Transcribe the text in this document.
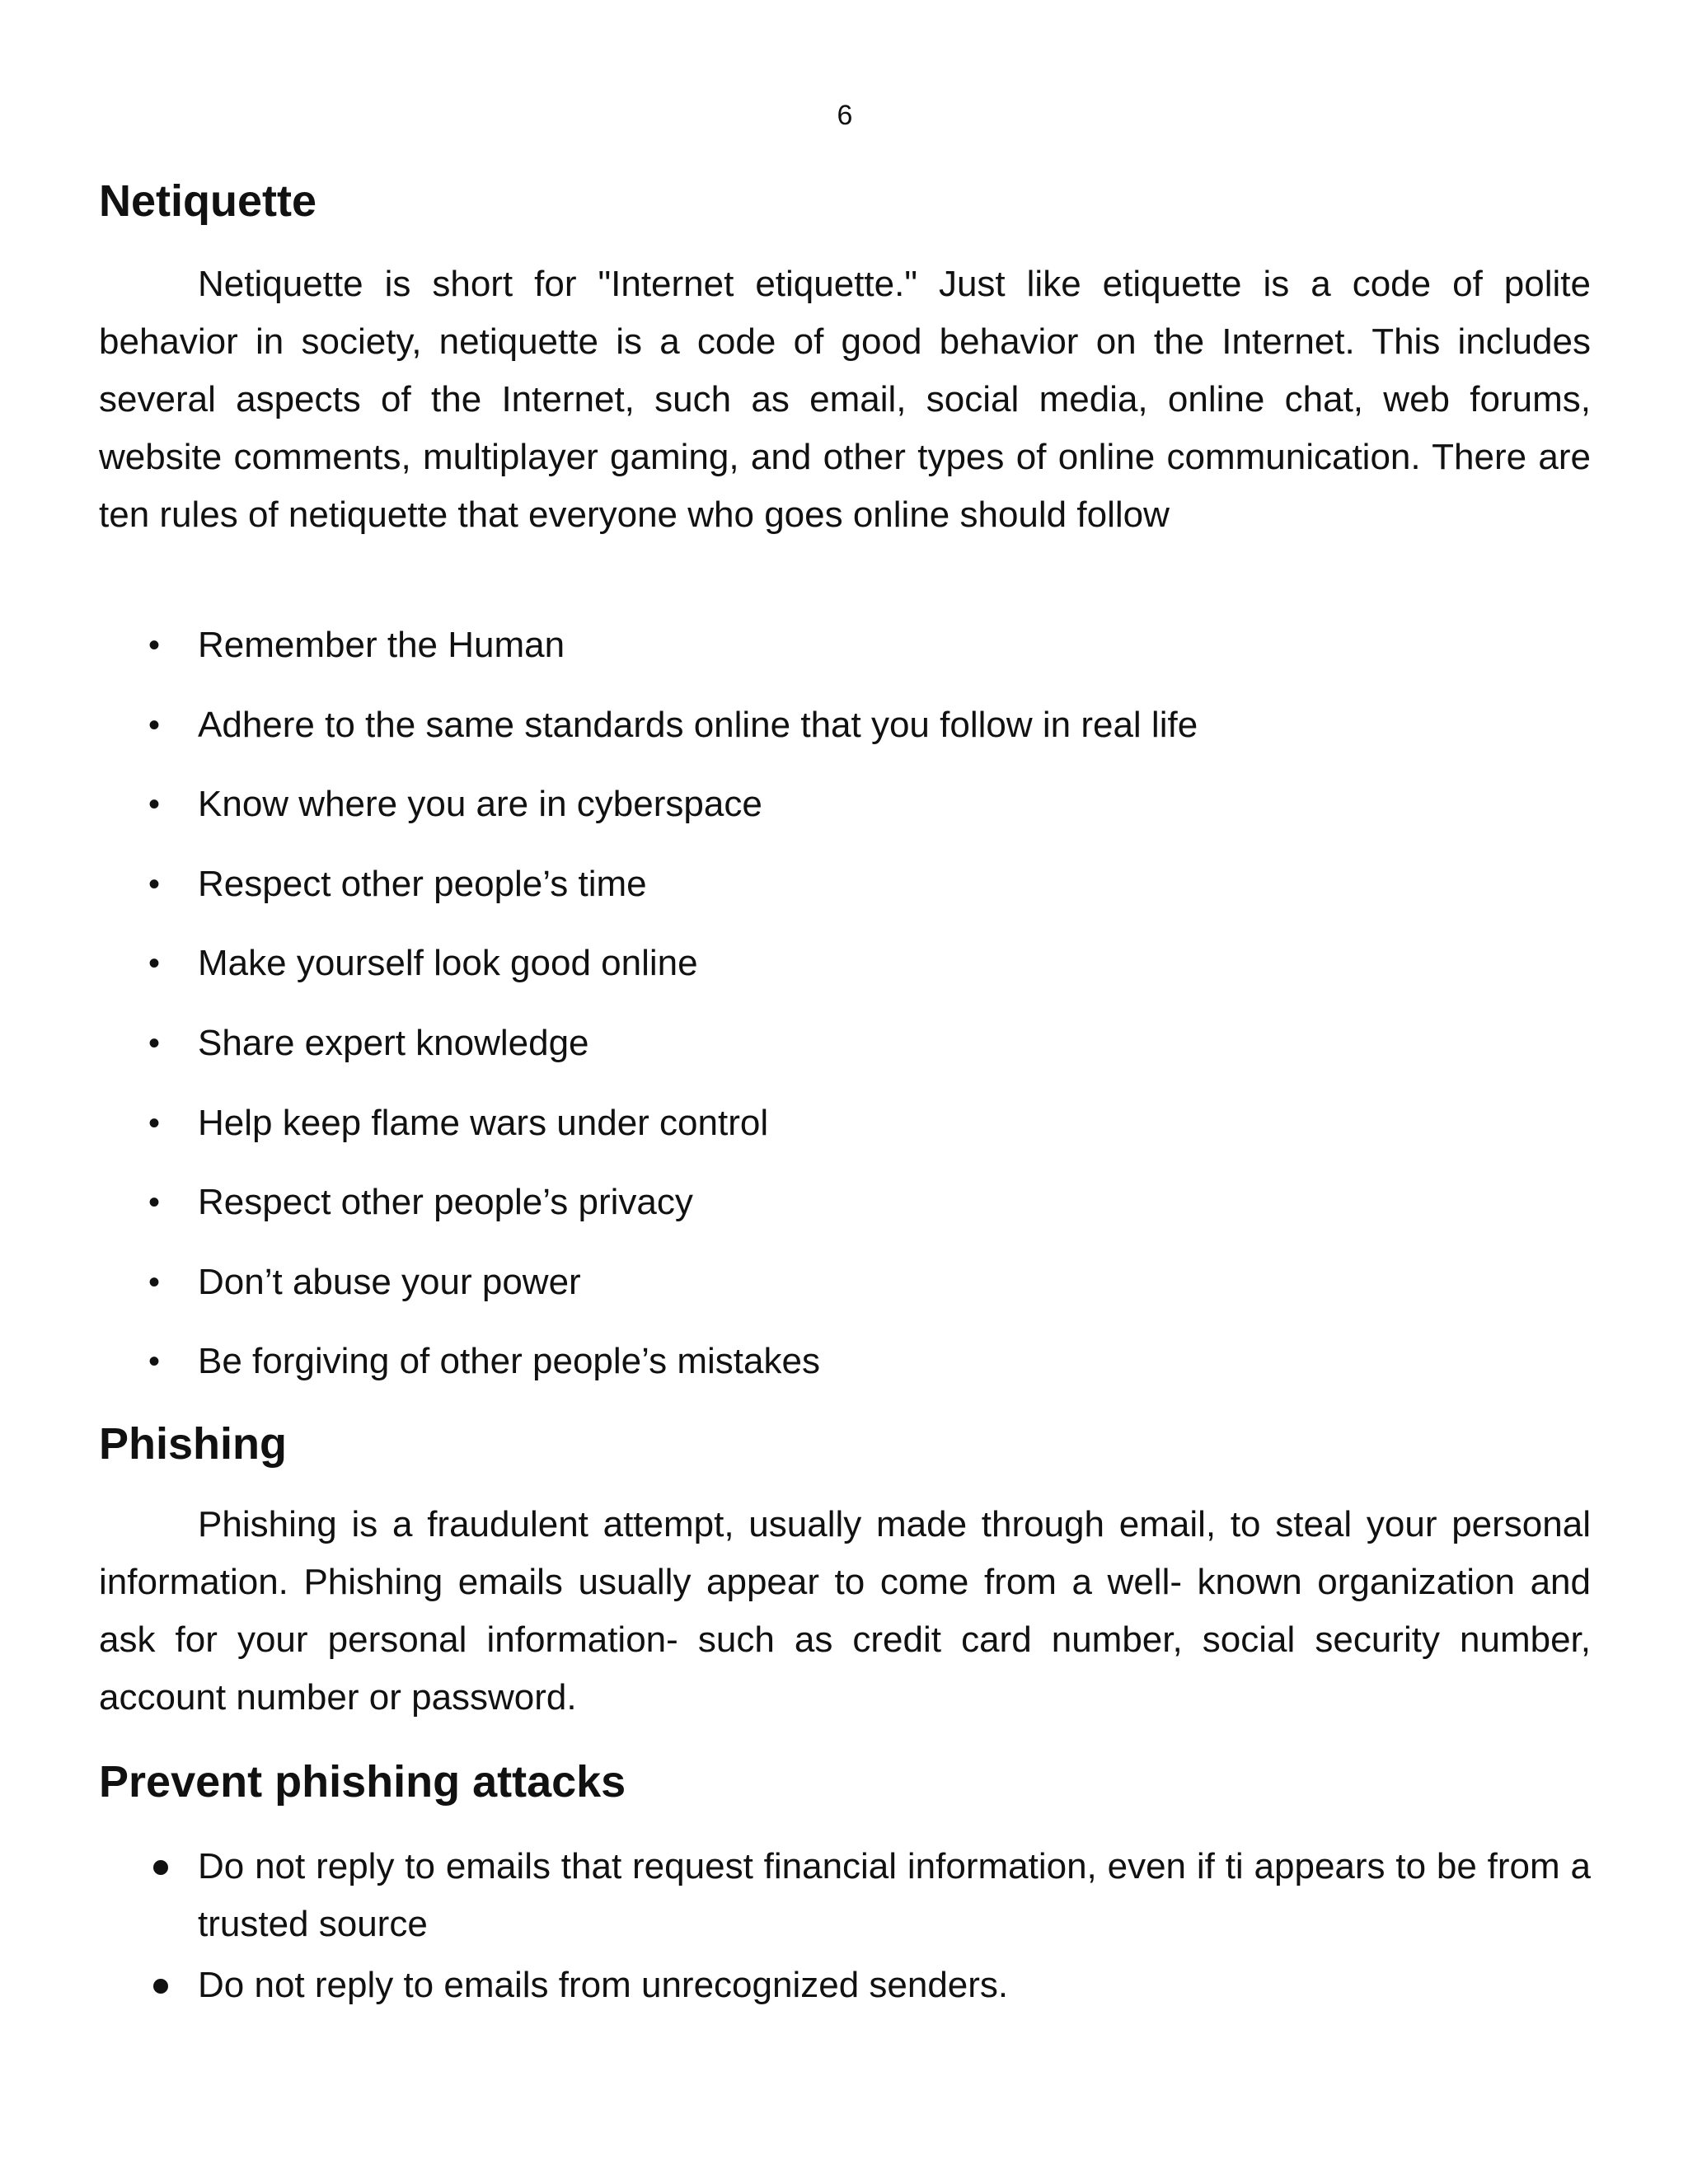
6
Netiquette

Netiquette is short for "Internet etiquette." Just like etiquette is a code of polite behavior in society, netiquette is a code of good behavior on the Internet. This includes several aspects of the Internet, such as email, social media, online chat, web forums, website comments, multiplayer gaming, and other types of online communication. There are ten rules of netiquette that everyone who goes online should follow

• Remember the Human
• Adhere to the same standards online that you follow in real life
• Know where you are in cyberspace
• Respect other people’s time
• Make yourself look good online
• Share expert knowledge
• Help keep flame wars under control
• Respect other people’s privacy
• Don’t abuse your power
• Be forgiving of other people’s mistakes
Phishing

Phishing is a fraudulent attempt, usually made through email, to steal your personal information. Phishing emails usually appear to come from a well- known organization and ask for your personal information- such as credit card number, social security number, account number or password.

Prevent phishing attacks
Do not reply to emails that request financial information, even if ti appears to be from a trusted source
Do not reply to emails from unrecognized senders.
